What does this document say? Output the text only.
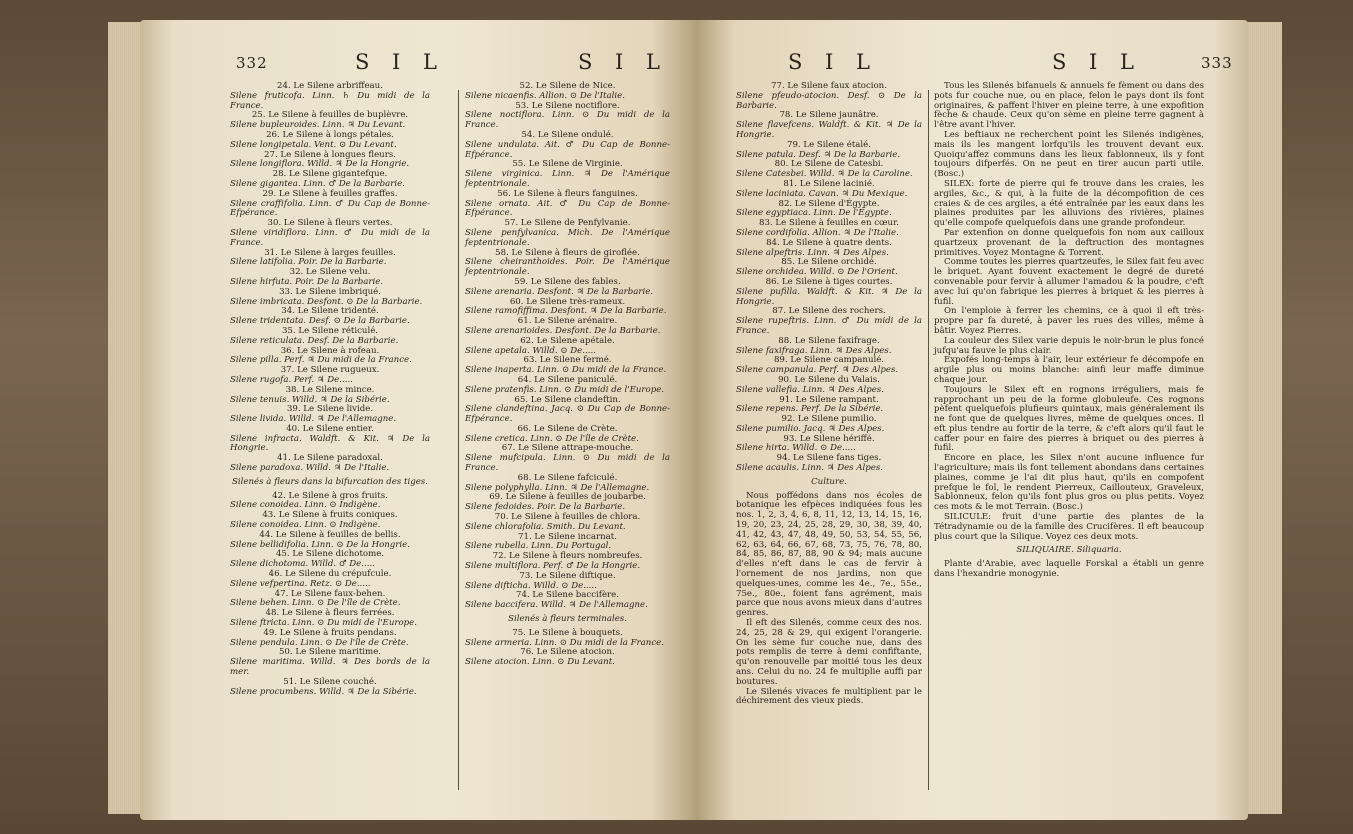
332	S I L	S I L

24. Le Silene arbriffeau.

Silene fruticofa. Linn. ♄ Du midi de la France.

25. Le Silene à feuilles de buplèvre.

Silene bupleuroides. Linn. ♃ Du Levant.

26. Le Silene à longs pétales.

Silene longipetala. Vent. ⊙ Du Levant.

27. Le Silene à longues fleurs.

Silene longiflora. Willd. ♃ De la Hongrie.

28. Le Silene gigantefque.

Silene gigantea. Linn. ♂ De la Barbarie.

29. Le Silene à feuilles graffes.

Silene craffifolia. Linn. ♂ Du Cap de Bonne-Efpérance.

30. Le Silene à fleurs vertes.

Silene viridiflora. Linn. ♂ Du midi de la France.

31. Le Silene à larges feuilles.

Silene latifolia. Poir. De la Barbarie.

32. Le Silene velu.

Silene hirfuta. Poir. De la Barbarie.

33. Le Silene imbriqué.

Silene imbricata. Desfont. ⊙ De la Barbarie.

34. Le Silene tridenté.

Silene tridentata. Desf. ⊙ De la Barbarie.

35. Le Silene réticulé.

Silene reticulata. Desf. De la Barbarie.

36. Le Silene à rofeau.

Silene pilla. Perf. ♃ Du midi de la France.

37. Le Silene rugueux.

Silene rugofa. Perf. ♃ De.....

38. Le Silene mince.

Silene tenuis. Willd. ♃ De la Sibérie.

39. Le Silene livide.

Silene livida. Willd. ♃ De l'Allemagne.

40. Le Silene entier.

Silene infracta. Waldft. & Kit. ♃ De la Hongrie.

41. Le Silene paradoxal.

Silene paradoxa. Willd. ♃ De l'Italie.

Silenés à fleurs dans la bifurcation des tiges.

42. Le Silene à gros fruits.

Silene conoidea. Linn. ⊙ Indigène.

43. Le Silene à fruits coniques.

Silene conoidea. Linn. ⊙ Indigène.

44. Le Silene à feuilles de bellis.

Silene bellidifolia. Linn. ⊙ De la Hongrie.

45. Le Silene dichotome.

Silene dichotoma. Willd. ♂ De.....

46. Le Silene du crépufcule.

Silene vefpertina. Retz. ⊙ De.....

47. Le Silene faux-behen.

Silene behen. Linn. ⊙ De l'île de Crète.

48. Le Silene à fleurs ferrées.

Silene ftricta. Linn. ⊙ Du midi de l'Europe.

49. Le Silene à fruits pendans.

Silene pendula. Linn. ⊙ De l'île de Crète.

50. Le Silene maritime.

Silene maritima. Willd. ♃ Des bords de la mer.

51. Le Silene couché.

Silene procumbens. Willd. ♃ De la Sibérie.

52. Le Silene de Nice.

Silene nicaenfis. Allion. ⊙ De l'Italie.

53. Le Silene noctiflore.

Silene noctiflora. Linn. ⊙ Du midi de la France.

54. Le Silene ondulé.

Silene undulata. Ait. ♂ Du Cap de Bonne-Efpérance.

55. Le Silene de Virginie.

Silene virginica. Linn. ♃ De l'Amérique feptentrionale.

56. Le Silene à fleurs fanguines.

Silene ornata. Ait. ♂ Du Cap de Bonne-Efpérance.

57. Le Silene de Penfylvanie.

Silene penfylvanica. Mich. De l'Amérique feptentrionale.

58. Le Silene à fleurs de giroflée.

Silene cheiranthoides. Poir. De l'Amérique feptentrionale.

59. Le Silene des fables.

Silene arenaria. Desfont. ♃ De la Barbarie.

60. Le Silene très-rameux.

Silene ramofiffima. Desfont. ♃ De la Barbarie.

61. Le Silene arénaire.

Silene arenarioides. Desfont. De la Barbarie.

62. Le Silene apétale.

Silene apetala. Willd. ⊙ De.....

63. Le Silene fermé.

Silene inaperta. Linn. ⊙ Du midi de la France.

64. Le Silene paniculé.

Silene pratenfis. Linn. ⊙ Du midi de l'Europe.

65. Le Silene clandeftin.

Silene clandeftina. Jacq. ⊙ Du Cap de Bonne-Efpérance.

66. Le Silene de Crète.

Silene cretica. Linn. ⊙ De l'île de Crète.

67. Le Silene attrape-mouche.

Silene mufcipula. Linn. ⊙ Du midi de la France.

68. Le Silene fafciculé.

Silene polyphylla. Linn. ♃ De l'Allemagne.

69. Le Silene à feuilles de joubarbe.

Silene fedoides. Poir. De la Barbarie.

70. Le Silene à feuilles de chlora.

Silene chlorafolia. Smith. Du Levant.

71. Le Silene incarnat.

Silene rubella. Linn. Du Portugal.

72. Le Silene à fleurs nombreufes.

Silene multiflora. Perf. ♂ De la Hongrie.

73. Le Silene diftique.

Silene difticha. Willd. ⊙ De.....

74. Le Silene baccifère.

Silene baccifera. Willd. ♃ De l'Allemagne.

Silenés à fleurs terminales.

75. Le Silene à bouquets.

Silene armeria. Linn. ⊙ Du midi de la France.

76. Le Silene atocion.

Silene atocion. Linn. ⊙ Du Levant.

S I L	S I L	333

77. Le Silene faux atocion.

Silene pfeudo-atocion. Desf. ⊙ De la Barbarie.

78. Le Silene jaunâtre.

Silene flavefcens. Waldft. & Kit. ♃ De la Hongrie.

79. Le Silene étalé.

Silene patula. Desf. ♃ De la Barbarie.

80. Le Silene de Catesbi.

Silene Catesbei. Willd. ♃ De la Caroline.

81. Le Silene lacinié.

Silene laciniata. Cavan. ♃ Du Mexique.

82. Le Silene d'Égypte.

Silene egyptiaca. Linn. De l'Égypte.

83. Le Silene à feuilles en cœur.

Silene cordifolia. Allion. ♃ De l'Italie.

84. Le Silene à quatre dents.

Silene alpeftris. Linn. ♃ Des Alpes.

85. Le Silene orchidé.

Silene orchidea. Willd. ⊙ De l'Orient.

86. Le Silene à tiges courtes.

Silene pufilla. Waldft. & Kit. ♃ De la Hongrie.

87. Le Silene des rochers.

Silene rupeftris. Linn. ♂ Du midi de la France.

88. Le Silene faxifrage.

Silene faxifraga. Linn. ♃ Des Alpes.

89. Le Silene campanulé.

Silene campanula. Perf. ♃ Des Alpes.

90. Le Silene du Valais.

Silene vallefia. Linn. ♃ Des Alpes.

91. Le Silene rampant.

Silene repens. Perf. De la Sibérie.

92. Le Silene pumilio.

Silene pumilio. Jacq. ♃ Des Alpes.

93. Le Silene hériffé.

Silene hirta. Willd. ⊙ De.....

94. Le Silene fans tiges.

Silene acaulis. Linn. ♃ Des Alpes.

Culture.

Nous poffédons dans nos écoles de botanique les efpèces indiquées fous les nos. 1, 2, 3, 4, 6, 8, 11, 12, 13, 14, 15, 16, 19, 20, 23, 24, 25, 28, 29, 30, 38, 39, 40, 41, 42, 43, 47, 48, 49, 50, 53, 54, 55, 56, 62, 63, 64, 66, 67, 68, 73, 75, 76, 78, 80, 84, 85, 86, 87, 88, 90 & 94; mais aucune d'elles n'eft dans le cas de fervir à l'ornement de nos jardins, non que quelques-unes, comme les 4e., 7e., 55e., 75e., 80e., foient fans agrément, mais parce que nous avons mieux dans d'autres genres.

Il eft des Silenés, comme ceux des nos. 24, 25, 28 & 29, qui exigent l'orangerie. On les sème fur couche nue, dans des pots remplis de terre à demi confiftante, qu'on renouvelle par moitié tous les deux ans. Celui du no. 24 fe multiplie auffi par boutures.

Le Silenés vivaces fe multiplient par le déchirement des vieux pieds.

Tous les Silenés bifanuels & annuels fe fèment ou dans des pots fur couche nue, ou en place, felon le pays dont ils font originaires, & paffent l'hiver en pleine terre, à une expofition fèche & chaude. Ceux qu'on sème en pleine terre gagnent à l'être avant l'hiver.

Les beftiaux ne recherchent point les Silenés indigènes, mais ils les mangent lorfqu'ils les trouvent devant eux. Quoiqu'affez communs dans les lieux fablonneux, ils y font toujours difperfés. On ne peut en tirer aucun parti utile. (Bosc.)

SILEX: forte de pierre qui fe trouve dans les craies, les argiles, &c., & qui, à la fuite de la décompofition de ces craies & de ces argiles, a été entraînée par les eaux dans les plaines produites par les alluvions des rivières, plaines qu'elle compofe quelquefois dans une grande profondeur.

Par extenfion on donne quelquefois fon nom aux cailloux quartzeux provenant de la deftruction des montagnes primitives. Voyez Montagne & Torrent.

Comme toutes les pierres quartzeufes, le Silex fait feu avec le briquet. Ayant fouvent exactement le degré de dureté convenable pour fervir à allumer l'amadou & la poudre, c'eft avec lui qu'on fabrique les pierres à briquet & les pierres à fufil.

On l'emploie à ferrer les chemins, ce à quoi il eft très-propre par fa dureté, à paver les rues des villes, même à bâtir. Voyez Pierres.

La couleur des Silex varie depuis le noir-brun le plus foncé jufqu'au fauve le plus clair.

Expofés long-temps à l'air, leur extérieur fe décompofe en argile plus ou moins blanche: ainfi leur maffe diminue chaque jour.

Toujours le Silex eft en rognons irréguliers, mais fe rapprochant un peu de la forme globuleufe. Ces rognons pèfent quelquefois plufieurs quintaux, mais généralement ils ne font que de quelques livres, même de quelques onces. Il eft plus tendre au fortir de la terre, & c'eft alors qu'il faut le caffer pour en faire des pierres à briquet ou des pierres à fufil.

Encore en place, les Silex n'ont aucune influence fur l'agriculture; mais ils font tellement abondans dans certaines plaines, comme je l'ai dit plus haut, qu'ils en compofent prefque le fol, le rendent Pierreux, Caillouteux, Graveleux, Sablonneux, felon qu'ils font plus gros ou plus petits. Voyez ces mots & le mot Terrain. (Bosc.)

SILICULE: fruit d'une partie des plantes de la Tétradynamie ou de la famille des Crucifères. Il eft beaucoup plus court que la Silique. Voyez ces deux mots.

SILIQUAIRE. Siliquaria.

Plante d'Arabie, avec laquelle Forskal a établi un genre dans l'hexandrie monogynie.
